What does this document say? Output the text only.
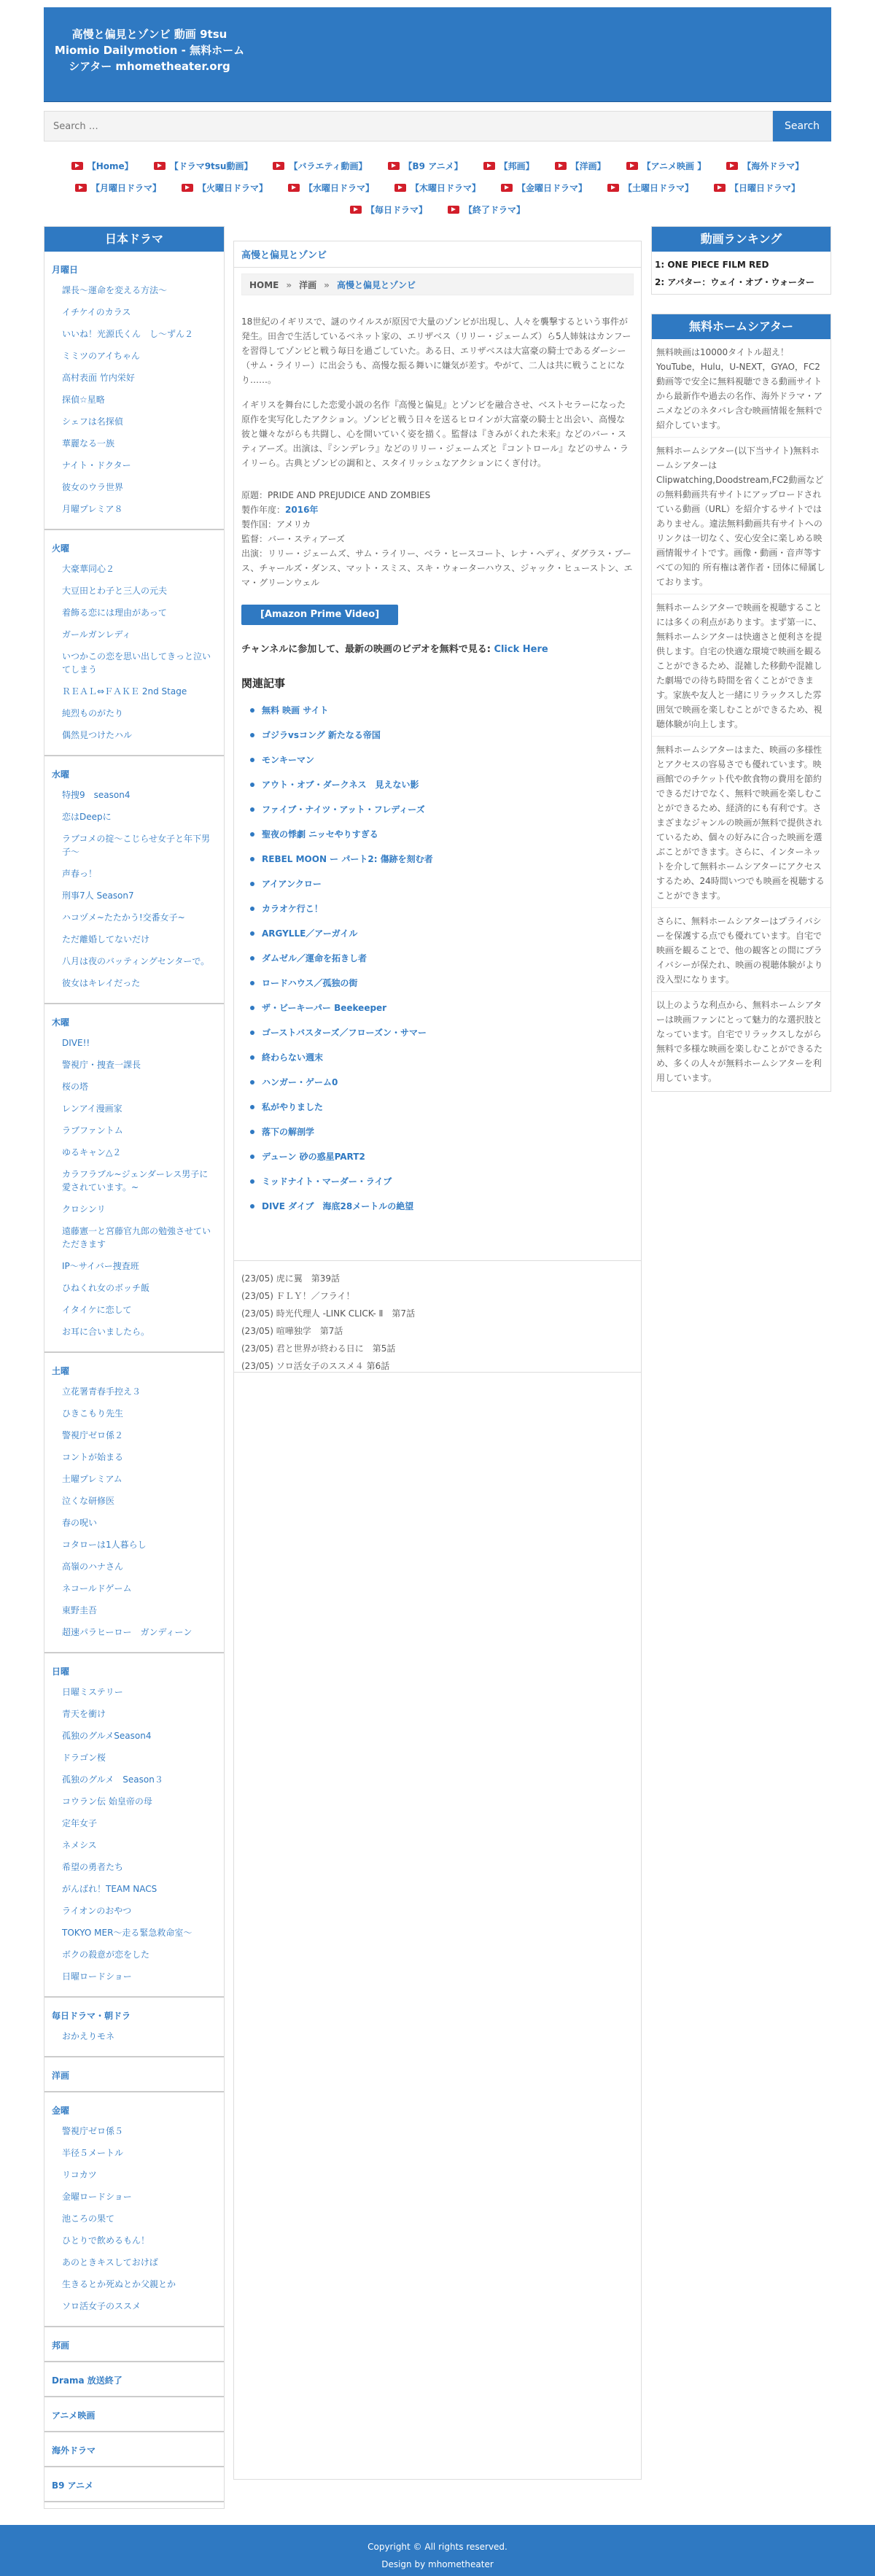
高慢と偏見とゾンビ 動画 9tsu Miomio Dailymotion - 無料ホームシアター mhometheater.org
Search …
Search
【Home】	【ドラマ9tsu動画】	【バラエティ動画】	【B9 アニメ】	【邦画】	【洋画】	【アニメ映画 】	【海外ドラマ】
【月曜日ドラマ】	【火曜日ドラマ】	【水曜日ドラマ】	【木曜日ドラマ】	【金曜日ドラマ】	【土曜日ドラマ】	【日曜日ドラマ】
【毎日ドラマ】	【終了ドラマ】
日本ドラマ
月曜日
課長～運命を変える方法～
イチケイのカラス
いいね！光源氏くん　し～ずん２
ミミツのアイちゃん
高村表面 竹内栄好
探偵☆星略
シェフは名探偵
華麗なる一族
ナイト・ドクター
彼女のウラ世界
月曜プレミア８
火曜
大豪華同心２
大豆田とわ子と三人の元夫
着飾る恋には理由があって
ガールガンレディ
いつかこの恋を思い出してきっと泣いてしまう
ＲＥＡＬ⇔ＦＡＫＥ 2nd Stage
純烈ものがたり
偶然見つけたハル
水曜
特捜9　season4
恋はDeepに
ラブコメの掟～こじらせ女子と年下男子～
声春っ！
刑事7人 Season7
ハコヅメ~たたかう!交番女子~
ただ離婚してないだけ
八月は夜のバッティングセンターで。
彼女はキレイだった
木曜
DIVE!!
警視庁・捜査一課長
桜の塔
レンアイ漫画家
ラブファントム
ゆるキャン△２
カラフラブル~ジェンダーレス男子に愛されています。~
クロシンリ
遠藤憲一と宮藤官九郎の勉強させていただきます
IP～サイバー捜査班
ひねくれ女のボッチ飯
イタイケに恋して
お耳に合いましたら。
土曜
立花署青春手控え３
ひきこもり先生
警視庁ゼロ係２
コントが始まる
土曜プレミアム
泣くな研修医
春の呪い
コタローは1人暮らし
高嶺のハナさん
ネコールドゲーム
東野圭吾
超速パラヒーロー　ガンディーン
日曜
日曜ミステリー
青天を衝け
孤独のグルメSeason4
ドラゴン桜
孤独のグルメ　Season３
コウラン伝 始皇帝の母
定年女子
ネメシス
希望の勇者たち
がんばれ！TEAM NACS
ライオンのおやつ
TOKYO MER～走る緊急救命室～
ボクの殺意が恋をした
日曜ロードショー
毎日ドラマ・朝ドラ
おかえりモネ
洋画
金曜
警視庁ゼロ係５
半径５メートル
リコカツ
金曜ロードショー
池ころの果て
ひとりで飲めるもん！
あのときキスしておけば
生きるとか死ぬとか父親とか
ソロ活女子のススメ
邦画
Drama 放送終了
アニメ映画
海外ドラマ
B9 アニメ
高慢と偏見とゾンビ
HOME » 洋画 » 高慢と偏見とゾンビ

18世紀のイギリスで、謎のウイルスが原因で大量のゾンビが出現し、人々を襲撃するという事件が発生。田舎で生活しているベネット家の、エリザベス（リリー・ジェームズ）ら5人姉妹はカンフーを習得してゾンビと戦う毎日を過ごしていた。ある日、エリザベスは大富豪の騎士であるダーシー（サム・ライリー）に出会うも、高慢な振る舞いに嫌気が差す。やがて、二人は共に戦うことになり……。

イギリスを舞台にした恋愛小説の名作『高慢と偏見』とゾンビを融合させ、ベストセラーになった原作を実写化したアクション。ゾンビと戦う日々を送るヒロインが大富豪の騎士と出会い、高慢な彼と嫌々ながらも共闘し、心を開いていく姿を描く。監督は『きみがくれた未来』などのバー・スティアーズ。出演は、『シンデレラ』などのリリー・ジェームズと『コントロール』などのサム・ライリーら。古典とゾンビの調和と、スタイリッシュなアクションにくぎ付け。

原題：PRIDE AND PREJUDICE AND ZOMBIES
製作年度：2016年
製作国：アメリカ
監督：バー・スティアーズ
出演：リリー・ジェームズ、サム・ライリー、ベラ・ヒースコート、レナ・ヘディ、ダグラス・ブース、チャールズ・ダンス、マット・スミス、スキ・ウォーターハウス、ジャック・ヒューストン、エマ・グリーンウェル
[Amazon Prime Video]
チャンネルに参加して、最新の映画のビデオを無料で見る: Click Here
関連記事
無料 映画 サイト
ゴジラvsコング 新たなる帝国
モンキーマン
アウト・オブ・ダークネス　見えない影
ファイブ・ナイツ・アット・フレディーズ
聖夜の悸劇 ニッセやりすぎる
REBEL MOON ー パート2: 傷跡を刻む者
アイアンクロー
カラオケ行こ！
ARGYLLE／アーガイル
ダムゼル／運命を拓きし者
ロードハウス／孤独の街
ザ・ビーキーパー Beekeeper
ゴーストバスターズ／フローズン・サマー
終わらない週末
ハンガー・ゲーム0
私がやりました
落下の解剖学
デューン 砂の惑星PART2
ミッドナイト・マーダー・ライブ
DIVE ダイブ　海底28メートルの絶望
(23/05) 虎に翼　第39話
(23/05) ＦＬＹ！／フライ！
(23/05) 時光代理人 -LINK CLICK- Ⅱ　第7話
(23/05) 喧嘩独学　第7話
(23/05) 君と世界が終わる日に　第5話
(23/05) ソロ活女子のススメ４ 第6話
動画ランキング
1: ONE PIECE FILM RED
2: アバター：ウェイ・オブ・ウォーター
無料ホームシアター

無料映画は10000タイトル超え！YouTube，Hulu，U-NEXT，GYAO，FC2動画等で安全に無料視聴できる動画サイトから最新作や過去の名作、海外ドラマ・アニメなどのネタバレ含む映画情報を無料で紹介しています。

無料ホームシアター(以下当サイト)無料ホームシアターはClipwatching,Doodstream,FC2動画などの無料動画共有サイトにアップロードされている動画（URL）を紹介するサイトではありません。違法無料動画共有サイトへのリンクは一切なく、安心安全に楽しめる映画情報サイトです。画像・動画・音声等すべての知的 所有権は著作者・団体に帰属しております。

無料ホームシアターで映画を視聴することには多くの利点があります。まず第一に、無料ホームシアターは快適さと便利さを提供します。自宅の快適な環境で映画を観ることができるため、混雑した移動や混雑した劇場での待ち時間を省くことができます。家族や友人と一緒にリラックスした雰囲気で映画を楽しむことができるため、視聴体験が向上します。

無料ホームシアターはまた、映画の多様性とアクセスの容易さでも優れています。映画館でのチケット代や飲食物の費用を節約できるだけでなく、無料で映画を楽しむことができるため、経済的にも有利です。さまざまなジャンルの映画が無料で提供されているため、個々の好みに合った映画を選ぶことができます。さらに、インターネットを介して無料ホームシアターにアクセスするため、24時間いつでも映画を視聴することができます。

さらに、無料ホームシアターはプライバシーを保護する点でも優れています。自宅で映画を観ることで、他の観客との間にプライバシーが保たれ、映画の視聴体験がより没入型になります。

以上のような利点から、無料ホームシアターは映画ファンにとって魅力的な選択肢となっています。自宅でリラックスしながら無料で多様な映画を楽しむことができるため、多くの人々が無料ホームシアターを利用しています。

Copyright © All rights reserved.
Design by mhometheater
